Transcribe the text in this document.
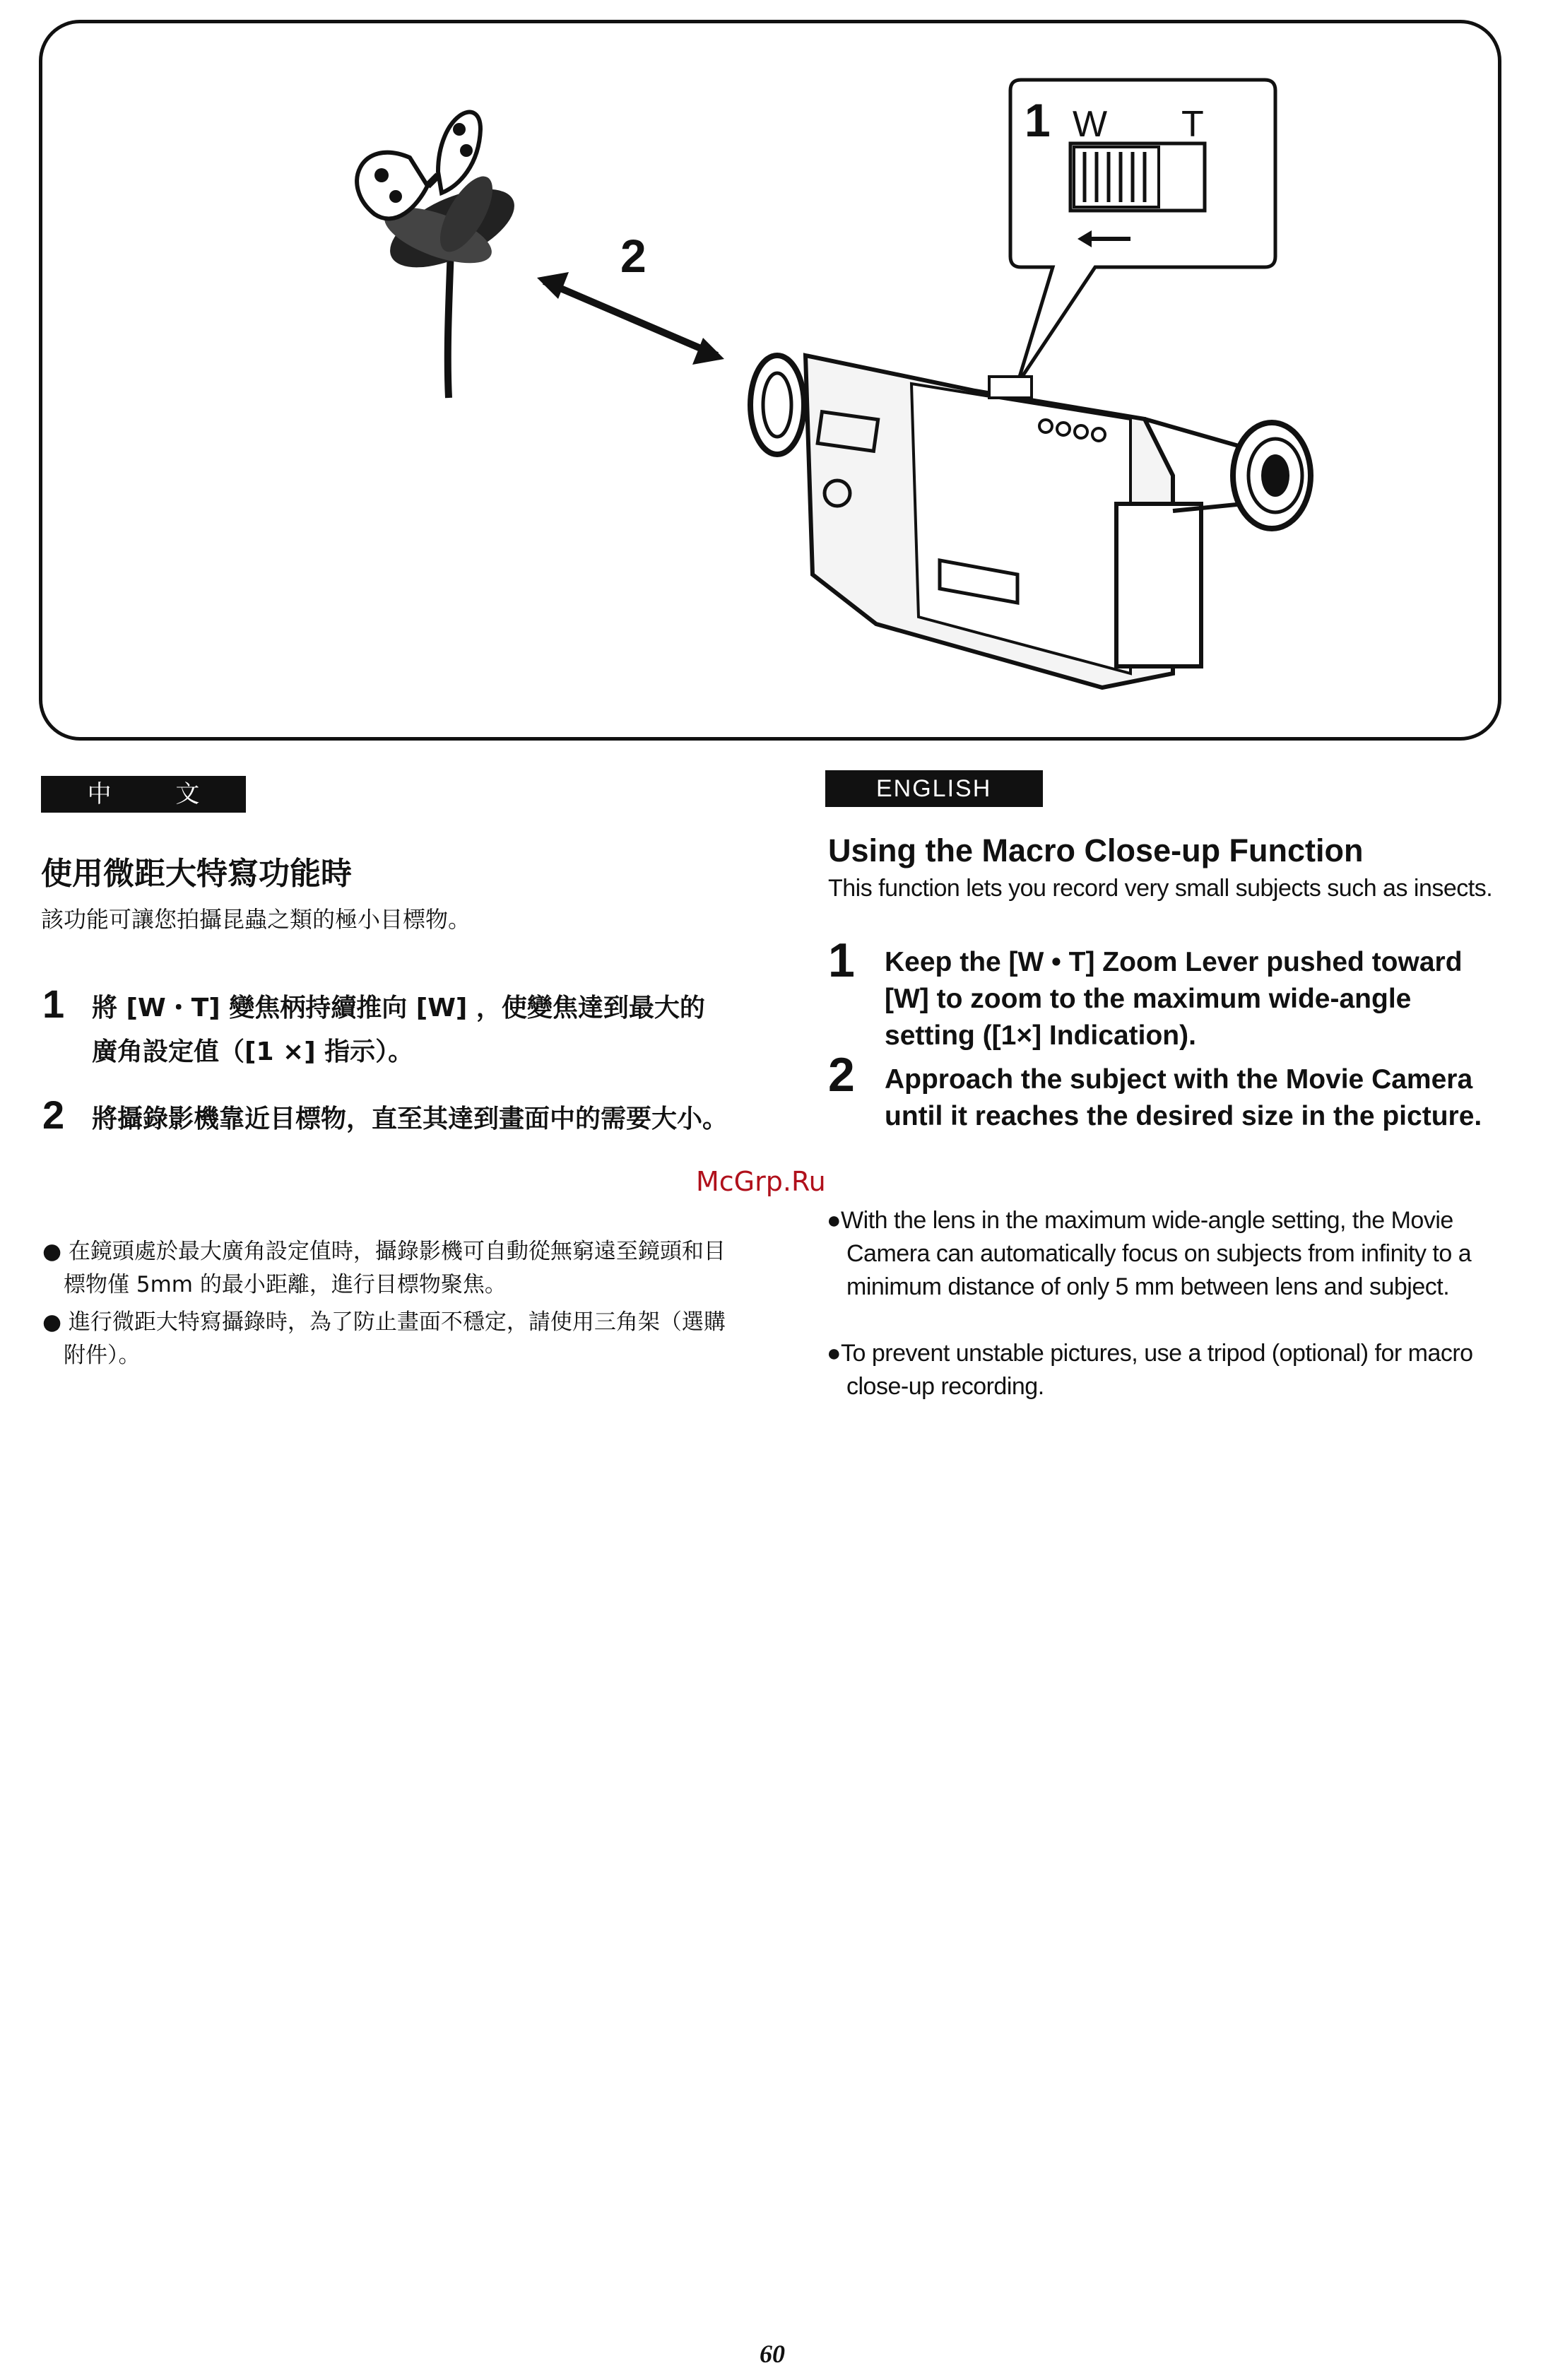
2
1 W T
中 文
使用微距大特寫功能時
該功能可讓您拍攝昆蟲之類的極小目標物。
1 將 [W・T] 變焦柄持續推向 [W] ，使變焦達到最大的廣角設定值（[1 ×] 指示）。
2 將攝錄影機靠近目標物，直至其達到畫面中的需要大小。
● 在鏡頭處於最大廣角設定值時，攝錄影機可自動從無窮遠至鏡頭和目標物僅 5mm 的最小距離，進行目標物聚焦。
● 進行微距大特寫攝錄時，為了防止畫面不穩定，請使用三角架（選購附件）。
ENGLISH
Using the Macro Close-up Function
This function lets you record very small subjects such as insects.
1 Keep the [W • T] Zoom Lever pushed toward [W] to zoom to the maximum wide-angle setting ([1×] Indication).
2 Approach the subject with the Movie Camera until it reaches the desired size in the picture.
●With the lens in the maximum wide-angle setting, the Movie Camera can automatically focus on subjects from infinity to a minimum distance of only 5 mm between lens and subject.
●To prevent unstable pictures, use a tripod (optional) for macro close-up recording.
McGrp.Ru
60
